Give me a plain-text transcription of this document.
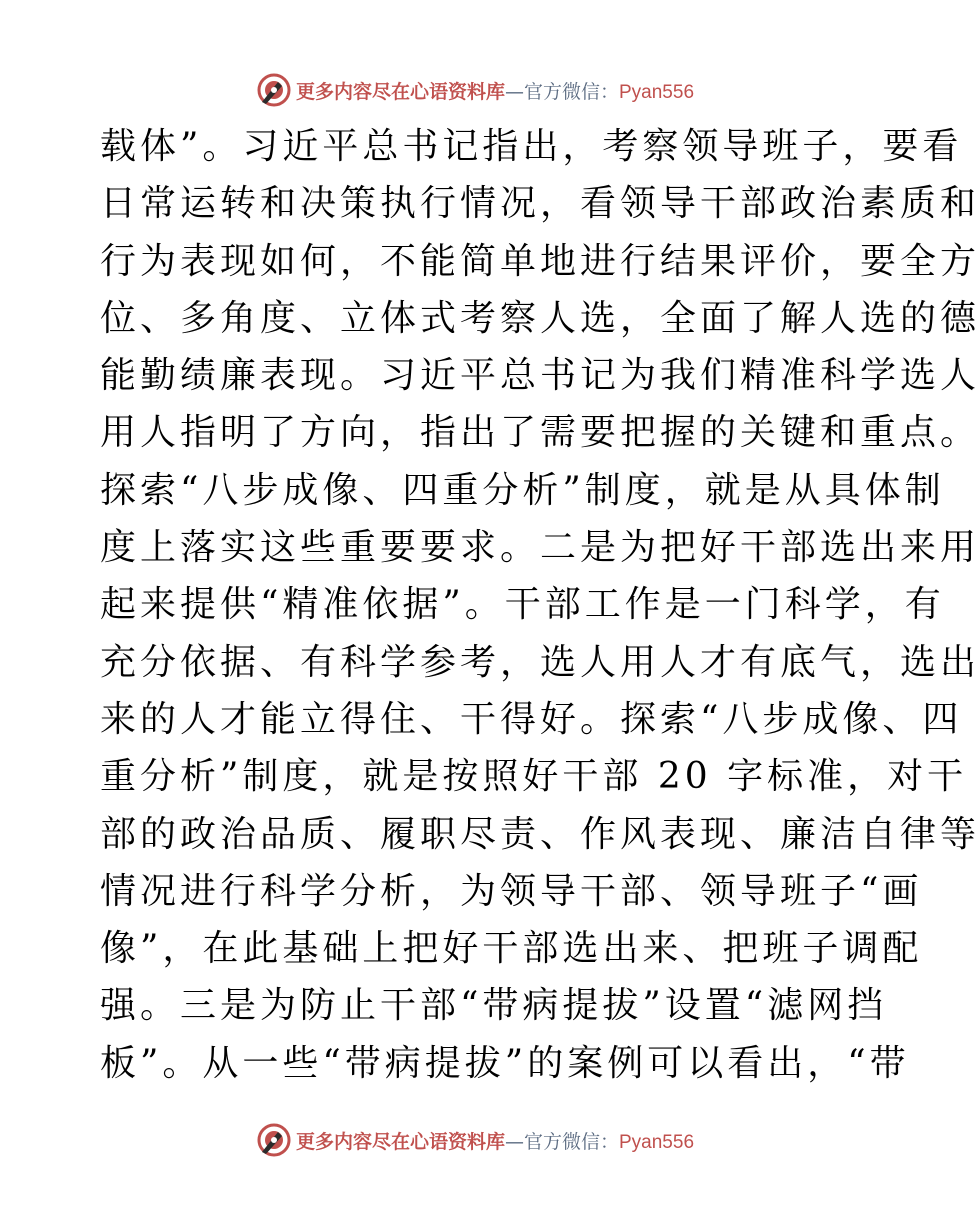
更多内容尽在心语资料库—官方微信：Pyan556
载体”。习近平总书记指出，考察领导班子，要看
日常运转和决策执行情况，看领导干部政治素质和
行为表现如何，不能简单地进行结果评价，要全方
位、多角度、立体式考察人选，全面了解人选的德
能勤绩廉表现。习近平总书记为我们精准科学选人
用人指明了方向，指出了需要把握的关键和重点。
探索“八步成像、四重分析”制度，就是从具体制
度上落实这些重要要求。二是为把好干部选出来用
起来提供“精准依据”。干部工作是一门科学，有
充分依据、有科学参考，选人用人才有底气，选出
来的人才能立得住、干得好。探索“八步成像、四
重分析”制度，就是按照好干部 20 字标准，对干
部的政治品质、履职尽责、作风表现、廉洁自律等
情况进行科学分析，为领导干部、领导班子“画
像”，在此基础上把好干部选出来、把班子调配
强。三是为防止干部“带病提拔”设置“滤网挡
板”。从一些“带病提拔”的案例可以看出，“带
更多内容尽在心语资料库—官方微信：Pyan556
